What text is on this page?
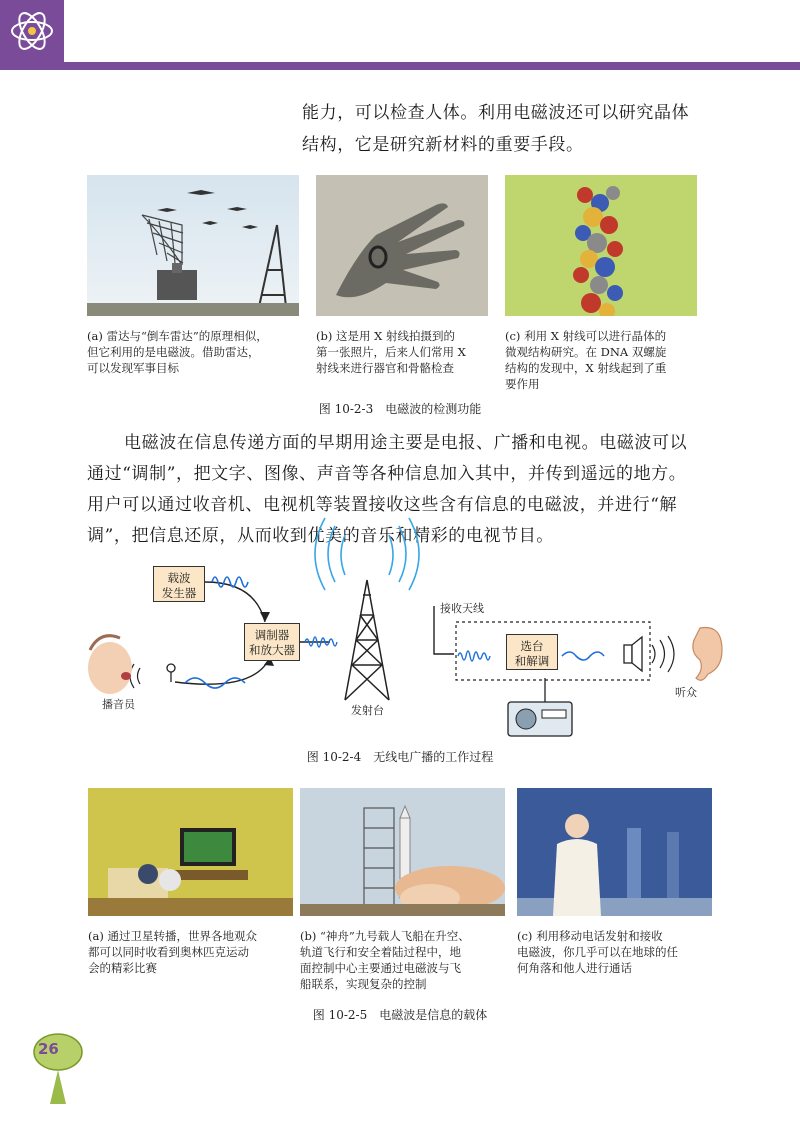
能力，可以检查人体。利用电磁波还可以研究晶体
结构，它是研究新材料的重要手段。
(a) 雷达与“倒车雷达”的原理相似，
但它利用的是电磁波。借助雷达，
可以发现军事目标
(b) 这是用 X 射线拍摄到的
第一张照片，后来人们常用 X
射线来进行器官和骨骼检查
(c) 利用 X 射线可以进行晶体的
微观结构研究。在 DNA 双螺旋
结构的发现中，X 射线起到了重
要作用
图 10-2-3　电磁波的检测功能
电磁波在信息传递方面的早期用途主要是电报、广播和电视。电磁波可以
通过“调制”，把文字、图像、声音等各种信息加入其中，并传到遥远的地方。
用户可以通过收音机、电视机等装置接收这些含有信息的电磁波，并进行“解
调”，把信息还原，从而收到优美的音乐和精彩的电视节目。
载波
发生器
调制器
和放大器	选台
和解调
接收天线
播音员	发射台
听众
图 10-2-4　无线电广播的工作过程
(a) 通过卫星转播，世界各地观众
都可以同时收看到奥林匹克运动
会的精彩比赛
(b) “神舟”九号载人飞船在升空、
轨道飞行和安全着陆过程中，地
面控制中心主要通过电磁波与飞
船联系，实现复杂的控制
(c) 利用移动电话发射和接收
电磁波，你几乎可以在地球的任
何角落和他人进行通话
图 10-2-5　电磁波是信息的载体
26
